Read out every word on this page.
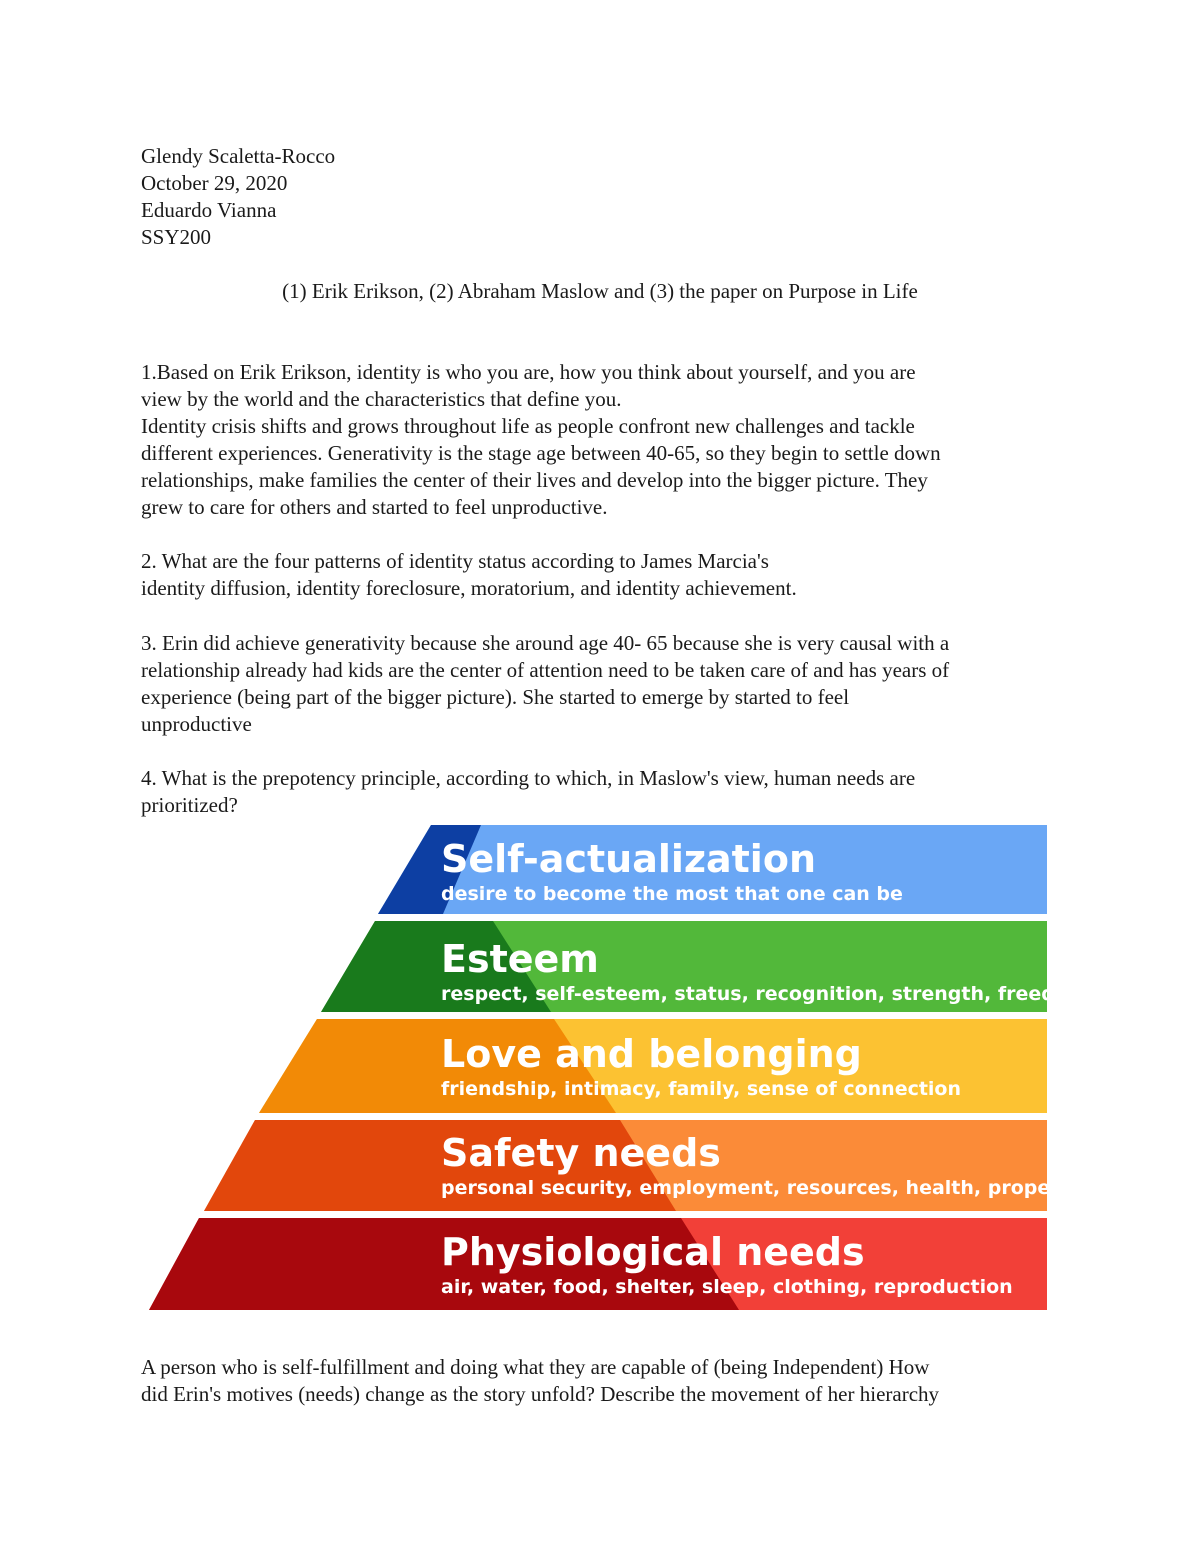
Glendy Scaletta-Rocco
October 29, 2020
Eduardo Vianna
SSY200
(1) Erik Erikson, (2) Abraham Maslow and (3) the paper on Purpose in Life
1.Based on Erik Erikson, identity is who you are, how you think about yourself, and you are
view by the world and the characteristics that define you.
Identity crisis shifts and grows throughout life as people confront new challenges and tackle
different experiences. Generativity is the stage age between 40-65, so they begin to settle down
relationships, make families the center of their lives and develop into the bigger picture. They
grew to care for others and started to feel unproductive.
2. What are the four patterns of identity status according to James Marcia's
identity diffusion, identity foreclosure, moratorium, and identity achievement.
3. Erin did achieve generativity because she around age 40- 65 because she is very causal with a
relationship already had kids are the center of attention need to be taken care of and has years of
experience (being part of the bigger picture). She started to emerge by started to feel
unproductive
4. What is the prepotency principle, according to which, in Maslow's view, human needs are
prioritized?
Self-actualization
desire to become the most that one can be
Esteem
respect, self-esteem, status, recognition, strength, freedom
Love and belonging
friendship, intimacy, family, sense of connection
Safety needs
personal security, employment, resources, health, property
Physiological needs
air, water, food, shelter, sleep, clothing, reproduction
A person who is self-fulfillment and doing what they are capable of (being Independent) How
did Erin's motives (needs) change as the story unfold? Describe the movement of her hierarchy
